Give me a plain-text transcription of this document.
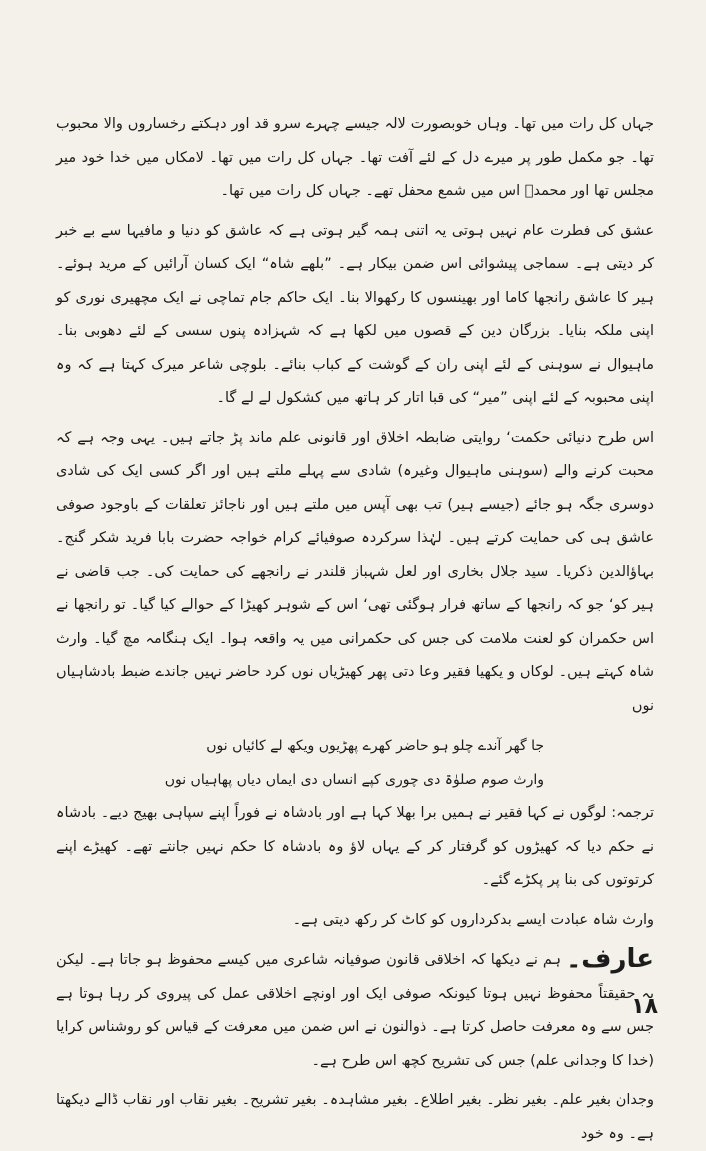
جہاں کل رات میں تھا۔ وہاں خوبصورت لالہ جیسے چہرے سرو قد اور دہکتے رخساروں والا محبوب تھا۔ جو مکمل طور پر میرے دل کے لئے آفت تھا۔ جہاں کل رات میں تھا۔ لامکاں میں خدا خود میر مجلس تھا اور محمدؐ اس میں شمع محفل تھے۔ جہاں کل رات میں تھا۔

عشق کی فطرت عام نہیں ہوتی یہ اتنی ہمہ گیر ہوتی ہے کہ عاشق کو دنیا و مافیہا سے بے خبر کر دیتی ہے۔ سماجی پیشوائی اس ضمن بیکار ہے۔ ”بلھے شاہ“ ایک کسان آرائیں کے مرید ہوئے۔ ہیر کا عاشق رانجھا کاما اور بھینسوں کا رکھوالا بنا۔ ایک حاکم جام تماچی نے ایک مچھیری نوری کو اپنی ملکہ بنایا۔ بزرگان دین کے قصوں میں لکھا ہے کہ شہزادہ پنوں سسی کے لئے دھوبی بنا۔ ماہیوال نے سوہنی کے لئے اپنی ران کے گوشت کے کباب بنائے۔ بلوچی شاعر میرک کہتا ہے کہ وہ اپنی محبوبہ کے لئے اپنی ”میر“ کی قبا اتار کر ہاتھ میں کشکول لے لے گا۔

اس طرح دنیائی حکمت‘ روایتی ضابطہ اخلاق اور قانونی علم ماند پڑ جاتے ہیں۔ یہی وجہ ہے کہ محبت کرنے والے (سوہنی ماہیوال وغیرہ) شادی سے پہلے ملتے ہیں اور اگر کسی ایک کی شادی دوسری جگہ ہو جائے (جیسے ہیر) تب بھی آپس میں ملتے ہیں اور ناجائز تعلقات کے باوجود صوفی عاشق ہی کی حمایت کرتے ہیں۔ لہٰذا سرکردہ صوفیائے کرام خواجہ حضرت بابا فرید شکر گنج۔ بہاؤالدین ذکریا۔ سید جلال بخاری اور لعل شہباز قلندر نے رانجھے کی حمایت کی۔ جب قاضی نے ہیر کو‘ جو کہ رانجھا کے ساتھ فرار ہوگئی تھی‘ اس کے شوہر کھیڑا کے حوالے کیا گیا۔ تو رانجھا نے اس حکمران کو لعنت ملامت کی جس کی حکمرانی میں یہ واقعہ ہوا۔ ایک ہنگامہ مچ گیا۔ وارث شاہ کہتے ہیں۔ لوکاں و یکھیا فقیر وعا دتی پھر کھیڑیاں نوں کرد حاضر نہیں جاندے ضبط بادشاہیاں نوں

جا گھر آندے چلو ہو حاضر کھرے پھڑیوں ویکھ لے کائیاں نوں

وارث صوم صلوٰۃ دی چوری کپے انساں دی ایماں دیاں پھاہیاں نوں

ترجمہ: لوگوں نے کہا فقیر نے ہمیں برا بھلا کہا ہے اور بادشاہ نے فوراً اپنے سپاہی بھیج دیے۔ بادشاہ نے حکم دیا کہ کھیڑوں کو گرفتار کر کے یہاں لاؤ وہ بادشاہ کا حکم نہیں جانتے تھے۔ کھیڑے اپنے کرتوتوں کی بنا پر پکڑے گئے۔

وارث شاہ عبادت ایسے بدکرداروں کو کاٹ کر رکھ دیتی ہے۔

عارف۔ ہم نے دیکھا کہ اخلاقی قانون صوفیانہ شاعری میں کیسے محفوظ ہو جاتا ہے۔ لیکن یہ حقیقتاً محفوظ نہیں ہوتا کیونکہ صوفی ایک اور اونچے اخلاقی عمل کی پیروی کر رہا ہوتا ہے جس سے وہ معرفت حاصل کرتا ہے۔ ذوالنون نے اس ضمن میں معرفت کے قیاس کو روشناس کرایا (خدا کا وجدانی علم) جس کی تشریح کچھ اس طرح ہے۔

وجدان بغیر علم۔ بغیر نظر۔ بغیر اطلاع۔ بغیر مشاہدہ۔ بغیر تشریح۔ بغیر نقاب اور نقاب ڈالے دیکھتا ہے۔ وہ خود

۱۸
